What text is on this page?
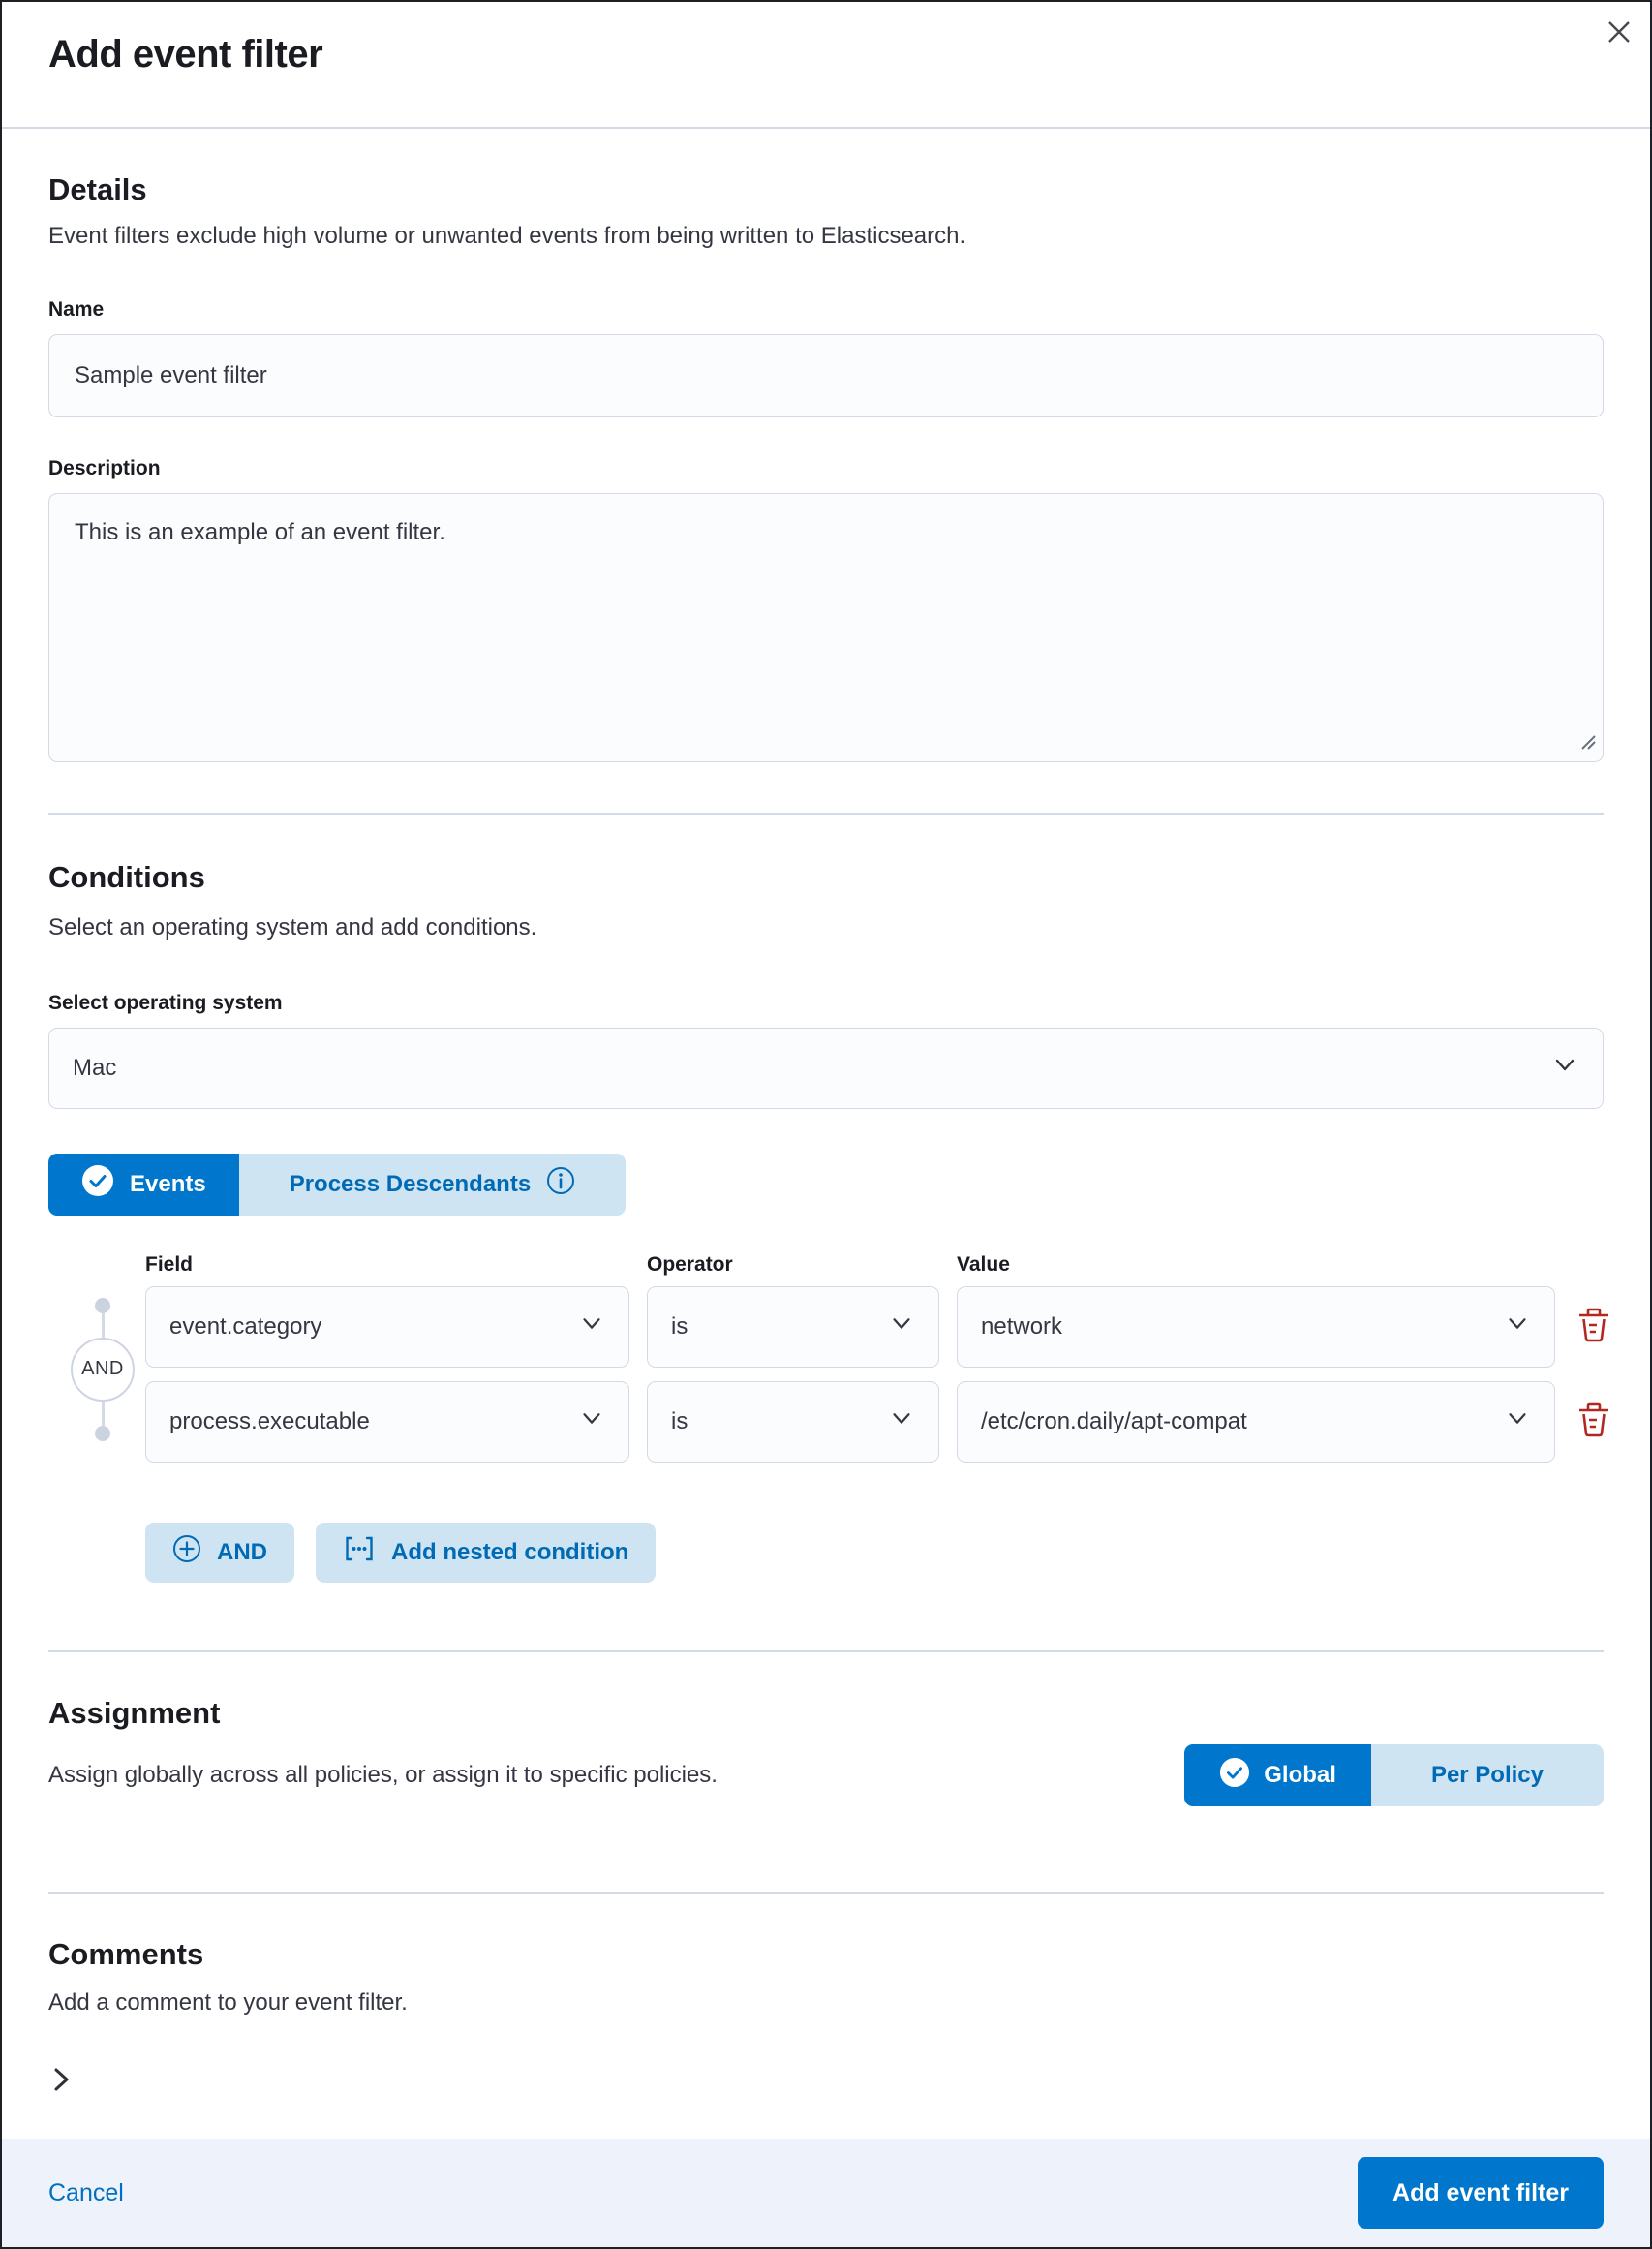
Add event filter
Details
Event filters exclude high volume or unwanted events from being written to Elasticsearch.
Name
Sample event filter
Description
This is an example of an event filter.
Conditions
Select an operating system and add conditions.
Select operating system
Mac
Events	Process Descendants
Field	Operator	Value
AND
event.category	is	network
process.executable	is	/etc/cron.daily/apt-compat
AND	Add nested condition
Assignment
Assign globally across all policies, or assign it to specific policies.	Global	Per Policy
Comments
Add a comment to your event filter.
Cancel	Add event filter
